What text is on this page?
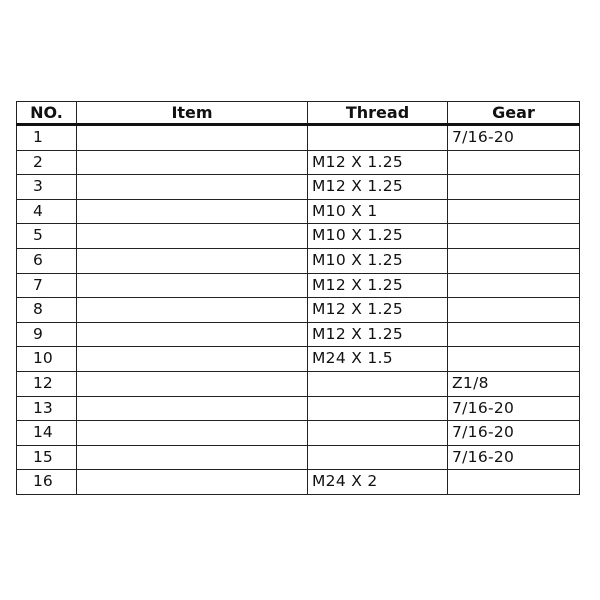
NO.	Item	Thread	Gear
1			7/16-20
2		M12 X 1.25	
3		M12 X 1.25	
4		M10 X 1	
5		M10 X 1.25	
6		M10 X 1.25	
7		M12 X 1.25	
8		M12 X 1.25	
9		M12 X 1.25	
10		M24 X 1.5	
12			Z1/8
13			7/16-20
14			7/16-20
15			7/16-20
16		M24 X 2	
